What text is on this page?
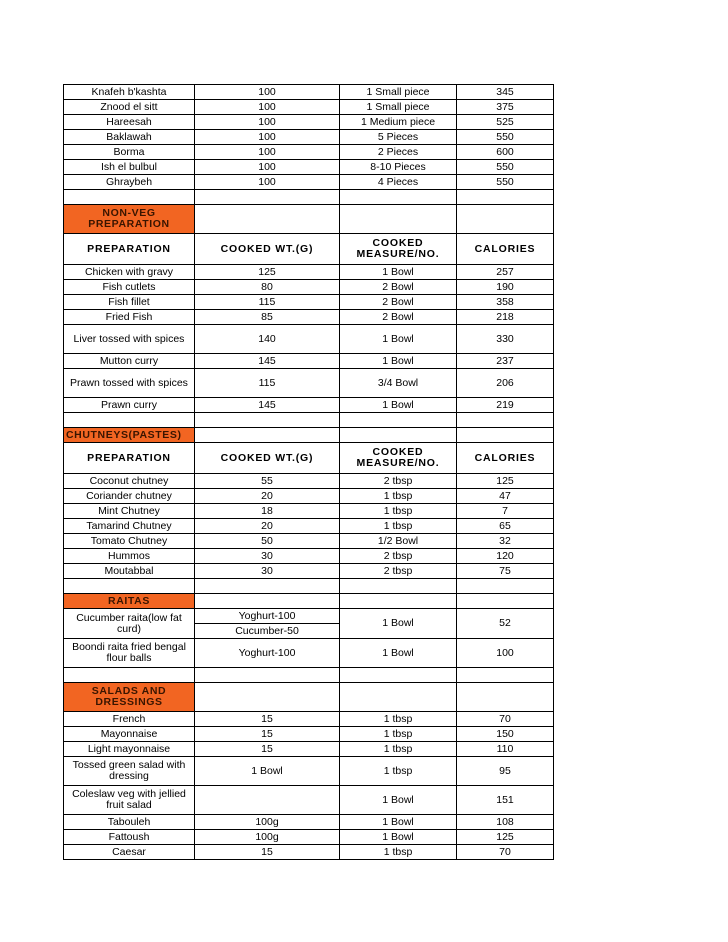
Knafeh b'kashta	100	1 Small piece	345
Znood el sitt	100	1 Small piece	375
Hareesah	100	1 Medium piece	525
Baklawah	100	5 Pieces	550
Borma	100	2 Pieces	600
Ish el bulbul	100	8-10 Pieces	550
Ghraybeh	100	4 Pieces	550

NON-VEG PREPARATION			
PREPARATION	COOKED WT.(G)	COOKED MEASURE/NO.	CALORIES
Chicken with gravy	125	1 Bowl	257
Fish cutlets	80	2 Bowl	190
Fish fillet	115	2 Bowl	358
Fried Fish	85	2 Bowl	218
Liver tossed with spices	140	1 Bowl	330
Mutton curry	145	1 Bowl	237
Prawn tossed with spices	115	3/4 Bowl	206
Prawn curry	145	1 Bowl	219

CHUTNEYS(PASTES)			
PREPARATION	COOKED WT.(G)	COOKED MEASURE/NO.	CALORIES
Coconut chutney	55	2 tbsp	125
Coriander chutney	20	1 tbsp	47
Mint Chutney	18	1 tbsp	7
Tamarind Chutney	20	1 tbsp	65
Tomato Chutney	50	1/2 Bowl	32
Hummos	30	2 tbsp	120
Moutabbal	30	2 tbsp	75

RAITAS			
Cucumber raita(low fat curd)	Yoghurt-100	1 Bowl	52
	Cucumber-50		
Boondi raita fried bengal flour balls	Yoghurt-100	1 Bowl	100

SALADS AND DRESSINGS			
French	15	1 tbsp	70
Mayonnaise	15	1 tbsp	150
Light mayonnaise	15	1 tbsp	110
Tossed green salad with dressing	1 Bowl	1 tbsp	95
Coleslaw veg with jellied fruit salad		1 Bowl	151
Tabouleh	100g	1 Bowl	108
Fattoush	100g	1 Bowl	125
Caesar	15	1 tbsp	70
